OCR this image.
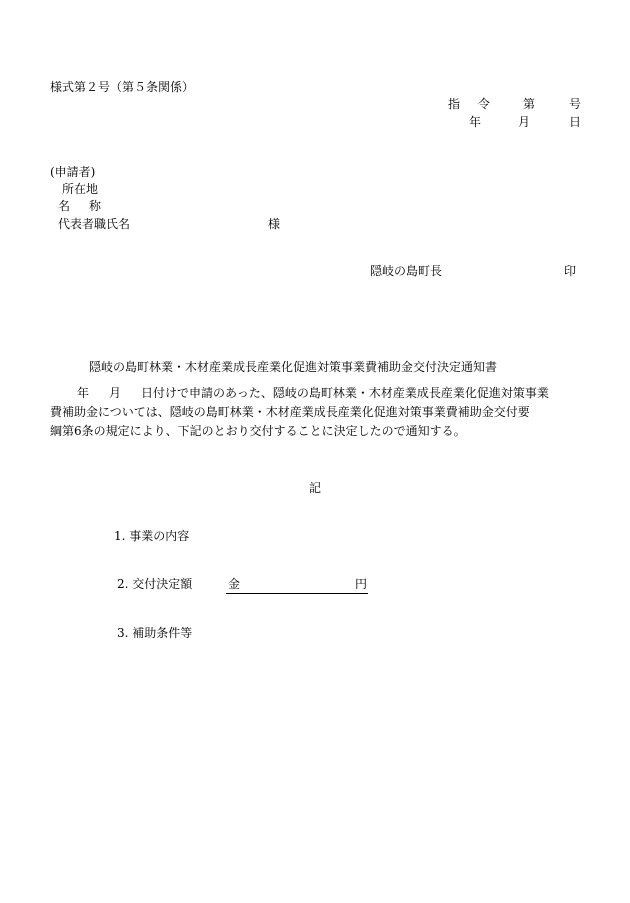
様式第２号（第５条関係）
指 令	第	号
年	月	日
(申請者)
所在地
名 称
代表者職氏名	様
隠岐の島町長	印
隠岐の島町林業・木材産業成長産業化促進対策事業費補助金交付決定通知書
年 月 日付けで申請のあった、隠岐の島町林業・木材産業成長産業化促進対策事業
費補助金については、隠岐の島町林業・木材産業成長産業化促進対策事業費補助金交付要
綱第6条の規定により、下記のとおり交付することに決定したので通知する。
記
1. 事業の内容
2. 交付決定額	金	円
3. 補助条件等
